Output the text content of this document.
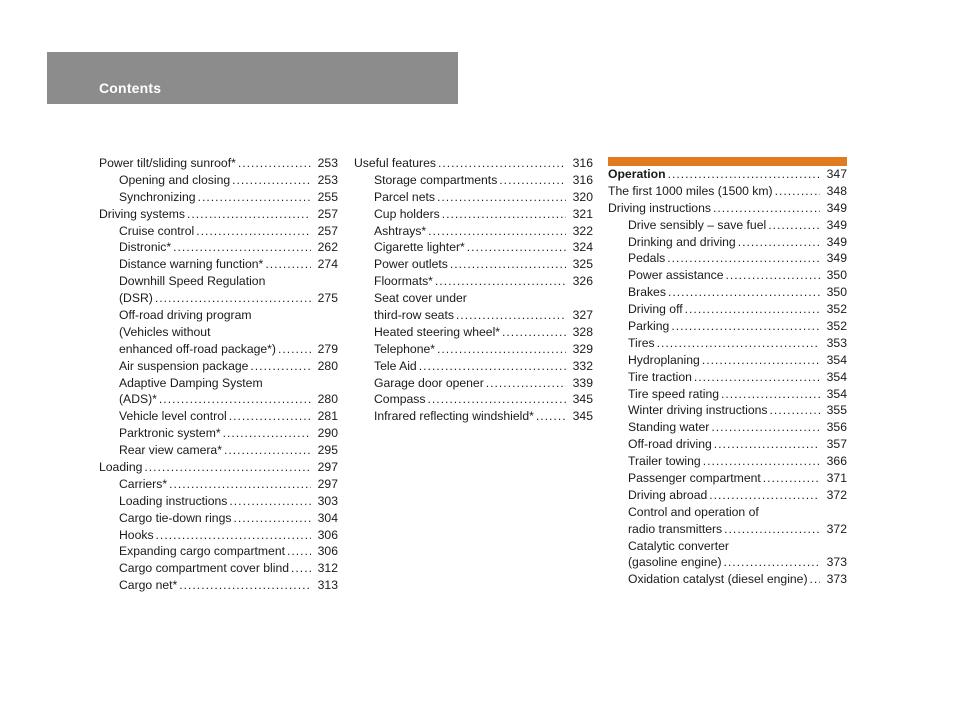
Contents
Power tilt/sliding sunroof* .....	253
Opening and closing .....	253
Synchronizing .....	255
Driving systems .....	257
Cruise control .....	257
Distronic* .....	262
Distance warning function* .....	274
Downhill Speed Regulation
(DSR) .....	275
Off-road driving program
(Vehicles without
enhanced off-road package*) .....	279
Air suspension package .....	280
Adaptive Damping System
(ADS)* .....	280
Vehicle level control .....	281
Parktronic system* .....	290
Rear view camera* .....	295
Loading .....	297
Carriers* .....	297
Loading instructions .....	303
Cargo tie-down rings .....	304
Hooks .....	306
Expanding cargo compartment .....	306
Cargo compartment cover blind .....	312
Cargo net* .....	313
Useful features .....	316
Storage compartments .....	316
Parcel nets .....	320
Cup holders .....	321
Ashtrays* .....	322
Cigarette lighter* .....	324
Power outlets .....	325
Floormats* .....	326
Seat cover under
third-row seats .....	327
Heated steering wheel* .....	328
Telephone* .....	329
Tele Aid .....	332
Garage door opener .....	339
Compass .....	345
Infrared reflecting windshield* .....	345
Operation .....	347
The first 1000 miles (1500 km) .....	348
Driving instructions .....	349
Drive sensibly – save fuel .....	349
Drinking and driving .....	349
Pedals .....	349
Power assistance .....	350
Brakes .....	350
Driving off .....	352
Parking .....	352
Tires .....	353
Hydroplaning .....	354
Tire traction .....	354
Tire speed rating .....	354
Winter driving instructions .....	355
Standing water .....	356
Off-road driving .....	357
Trailer towing .....	366
Passenger compartment .....	371
Driving abroad .....	372
Control and operation of
radio transmitters .....	372
Catalytic converter
(gasoline engine) .....	373
Oxidation catalyst (diesel engine) .....	373
